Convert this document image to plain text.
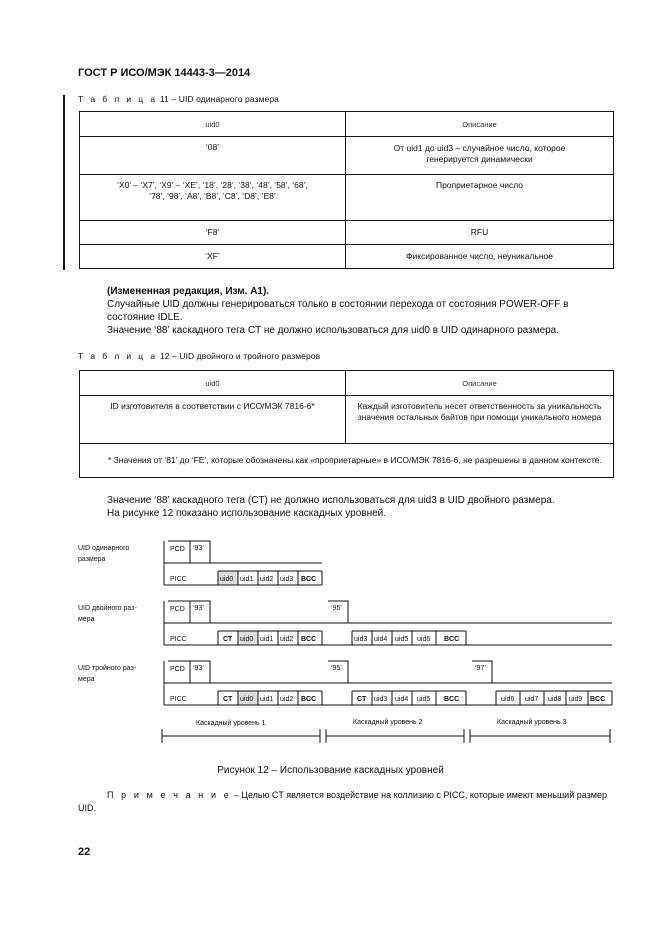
ГОСТ Р ИСО/МЭК 14443-3—2014
Т а б л и ц а 11 – UID одинарного размера
uid0	Описание
‘08’	От uid1 до uid3 – случайное число, которое генерируется динамически
‘X0’ – ‘X7’, ‘X9’ – ‘XE’, ‘18’, ‘28’, ‘38’, ‘48’, ‘58’, ‘68’, ‘78’, ‘98’, ‘A8’, ‘B8’, ‘C8’, ‘D8’, ‘E8’	Проприетарное число
‘F8’	RFU
‘XF’	Фиксированное число, неуникальное
(Измененная редакция, Изм. А1).
Случайные UID должны генерироваться только в состоянии перехода от состояния POWER-OFF в состояние IDLE.
Значение ‘88’ каскадного тега CT не должно использоваться для uid0 в UID одинарного размера.
Т а б л и ц а 12 – UID двойного и тройного размеров
uid0	Описание
ID изготовителя в соответствии с ИСО/МЭК 7816-6*	Каждый изготовитель несет ответственность за уникальность значения остальных байтов при помощи уникального номера
* Значения от ‘81’ до ‘FE’, которые обозначены как «проприетарные» в ИСО/МЭК 7816-6, не разрешены в данном контексте.	
Значение ‘88’ каскадного тега (CT) не должно использоваться для uid3 в UID двойного размера.
На рисунке 12 показано использование каскадных уровней.
UID одинарного
размера
UID двойного раз-
мера
UID тройного раз-
мера
PCD ‘93’
PICC	uid0 uid1 uid2 uid3 BCC
PCD ‘93’	‘95’
PICC	CT uid0 uid1 uid2 BCC	uid3 uid4 uid5 uid6 BCC
PCD ‘93’	‘95’	‘97’
PICC	CT uid0 uid1 uid2 BCC	CT uid3 uid4 uid5 BCC	uid6 uid7 uid8 uid9 BCC
Каскадный уровень 1	Каскадный уровень 2	Каскадный уровень 3
Рисунок 12 – Использование каскадных уровней
П р и м е ч а н и е – Целью CT является воздействие на коллизию с PICC, которые имеют меньший размер UID.
22
